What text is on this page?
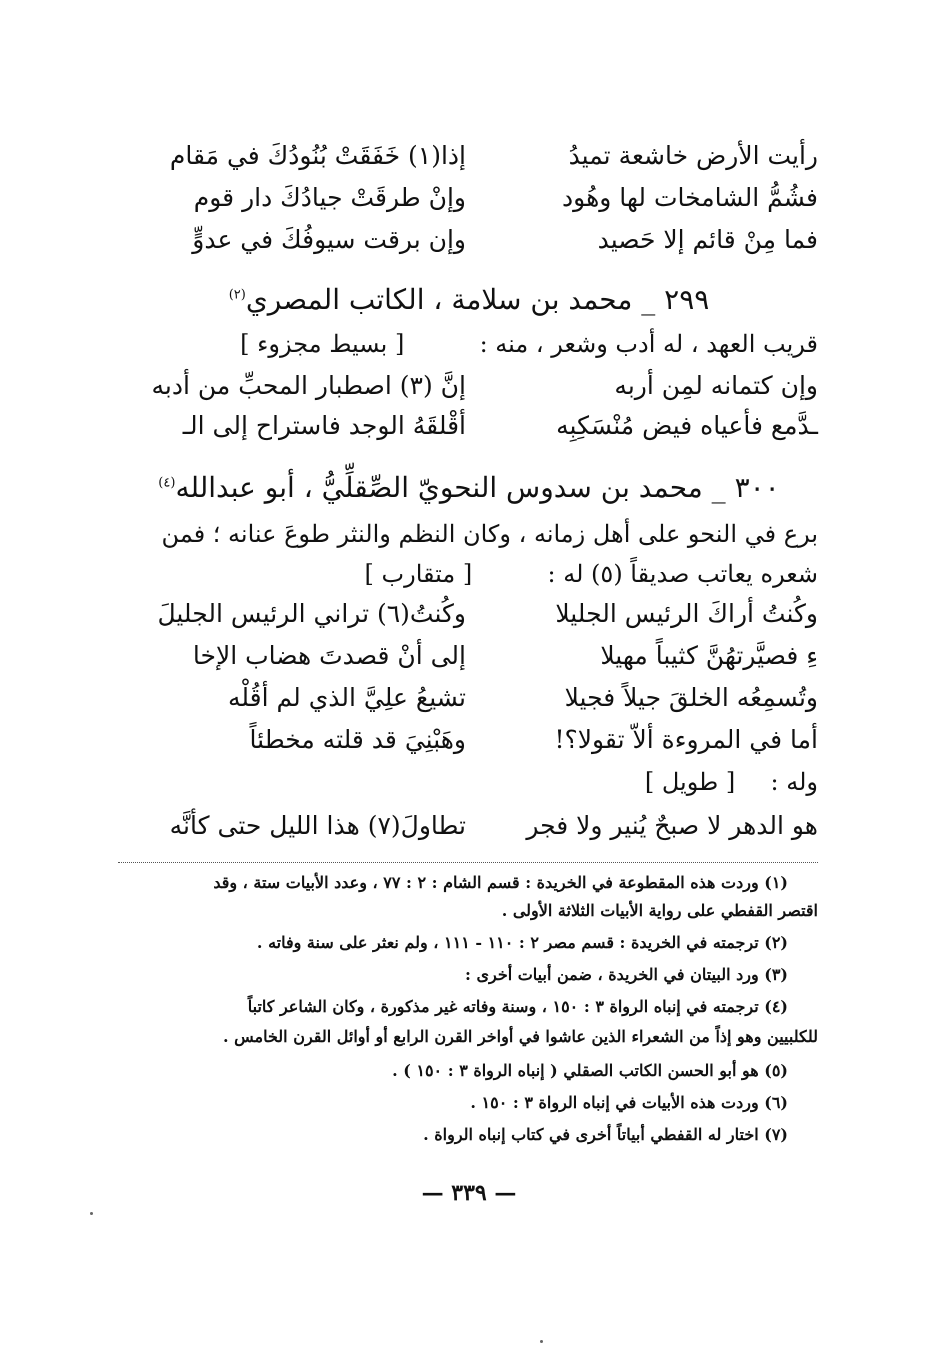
إذا(١) خَفَقَتْ بُنُودُكَ في مَقام	رأيت الأرض خاشعة تميدُ
وإنْ طرقَتْ جيادُكَ دار قوم	فشُمُّ الشامخات لها وهُود
وإن برقت سيوفُكَ في عدوٍّ	فما مِنْ قائم إلا حَصيد
٢٩٩ _ محمد بن سلامة ، الكاتب المصري$^{(٢)}$
قريب العهد ، له أدب وشعر ، منه :  [ بسيط مجزوء ]
إنَّ (٣) اصطبار المحبِّ من أدبه	وإن كتمانه لمِن أربه
أقْلقَهُ الوجد فاستراح إلى الـ	ـدَّمع فأعياه فيض مُنْسَكِبِه
٣٠٠ _ محمد بن سدوس النحويّ الصِّقلِّيُّ ، أبو عبدالله$^{(٤)}$
برع في النحو على أهل زمانه ، وكان النظم والنثر طوعَ عنانه ؛ فمن
شعره يعاتب صديقاً (٥) له :  [ متقارب ]
وكُنتُ(٦) تراني الرئيس الجليلَ	وكُنتُ أراكَ الرئيس الجليلا
إلى أنْ قصدتَ هضاب الإخا	ءِ فصيَّرتهُنَّ كثيباً مهيلا
تشيعُ علِيَّ الذي لم أقُلْه	وتُسمِعُه الخلقَ جيلاً فجيلا
وهَبْنِيَ قد قلته مخطئاً	أما في المروءة ألاّ تقولا؟!
وله :  [ طويل ]
تطاولَ(٧) هذا الليل حتى كأنَّه	هو الدهر لا صبحٌ يُنير ولا فجر
(١) وردت هذه المقطوعة في الخريدة : قسم الشام : ٢ : ٧٧ ، وعدد الأبيات ستة ، وقد
اقتصر القفطي على رواية الأبيات الثلاثة الأولى .
(٢) ترجمته في الخريدة : قسم مصر ٢ : ١١٠ - ١١١ ، ولم نعثر على سنة وفاته .
(٣) ورد البيتان في الخريدة ، ضمن أبيات أخرى :
(٤) ترجمته في إنباه الرواة ٣ : ١٥٠ ، وسنة وفاته غير مذكورة ، وكان الشاعر كاتباً
للكلبيين وهو إذاً من الشعراء الذين عاشوا في أواخر القرن الرابع أو أوائل القرن الخامس .
(٥) هو أبو الحسن الكاتب الصقلي ( إنباه الرواة ٣ : ١٥٠ ) .
(٦) وردت هذه الأبيات في إنباه الرواة ٣ : ١٥٠ .
(٧) اختار له القفطي أبياتاً أخرى في كتاب إنباه الرواة .
— ٣٣٩ —
